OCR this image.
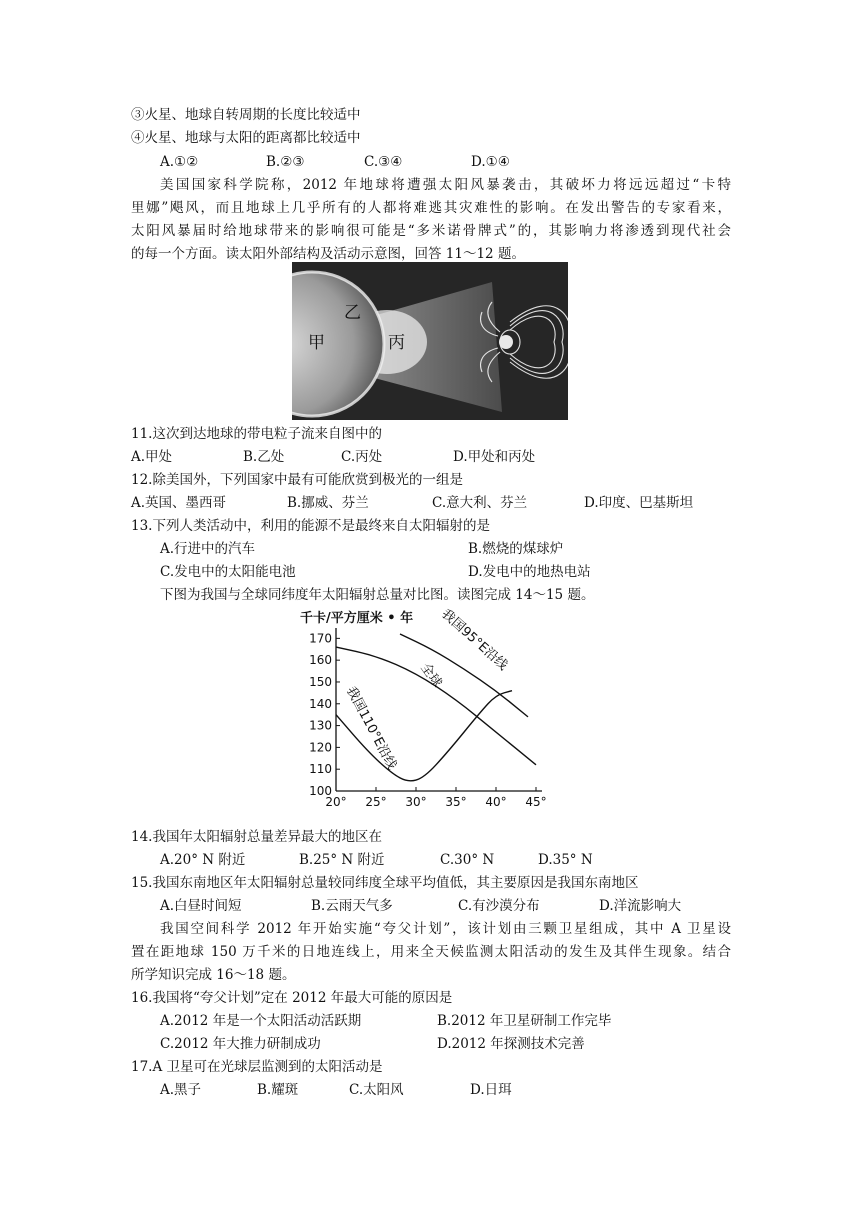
③火星、地球自转周期的长度比较适中
④火星、地球与太阳的距离都比较适中
A.①②	B.②③	C.③④	D.①④
美国国家科学院称，2012 年地球将遭强太阳风暴袭击，其破坏力将远远超过“卡特
里娜”飓风，而且地球上几乎所有的人都将难逃其灾难性的影响。在发出警告的专家看来，
太阳风暴届时给地球带来的影响很可能是“多米诺骨牌式”的，其影响力将渗透到现代社会
的每一个方面。读太阳外部结构及活动示意图，回答 11～12 题。
乙
甲	丙
11.这次到达地球的带电粒子流来自图中的
A.甲处	B.乙处	C.丙处	D.甲处和丙处
12.除美国外，下列国家中最有可能欣赏到极光的一组是
A.英国、墨西哥	B.挪威、芬兰	C.意大利、芬兰	D.印度、巴基斯坦
13.下列人类活动中，利用的能源不是最终来自太阳辐射的是
A.行进中的汽车	B.燃烧的煤球炉
C.发电中的太阳能电池	D.发电中的地热电站
下图为我国与全球同纬度年太阳辐射总量对比图。读图完成 14～15 题。
千卡/平方厘米 • 年
100
110
120
130
140
150
160
170
20° 25° 30° 35° 40° 45°
全球
我国95°E沿线
我国110°E沿线
14.我国年太阳辐射总量差异最大的地区在
A.20° N 附近	B.25° N 附近	C.30° N	D.35° N
15.我国东南地区年太阳辐射总量较同纬度全球平均值低，其主要原因是我国东南地区
A.白昼时间短	B.云雨天气多	C.有沙漠分布	D.洋流影响大
我国空间科学 2012 年开始实施“夸父计划”，该计划由三颗卫星组成，其中 A 卫星设
置在距地球 150 万千米的日地连线上，用来全天候监测太阳活动的发生及其伴生现象。结合
所学知识完成 16～18 题。
16.我国将“夸父计划”定在 2012 年最大可能的原因是
A.2012 年是一个太阳活动活跃期	B.2012 年卫星研制工作完毕
C.2012 年大推力研制成功	D.2012 年探测技术完善
17.A 卫星可在光球层监测到的太阳活动是
A.黑子	B.耀斑	C.太阳风	D.日珥
